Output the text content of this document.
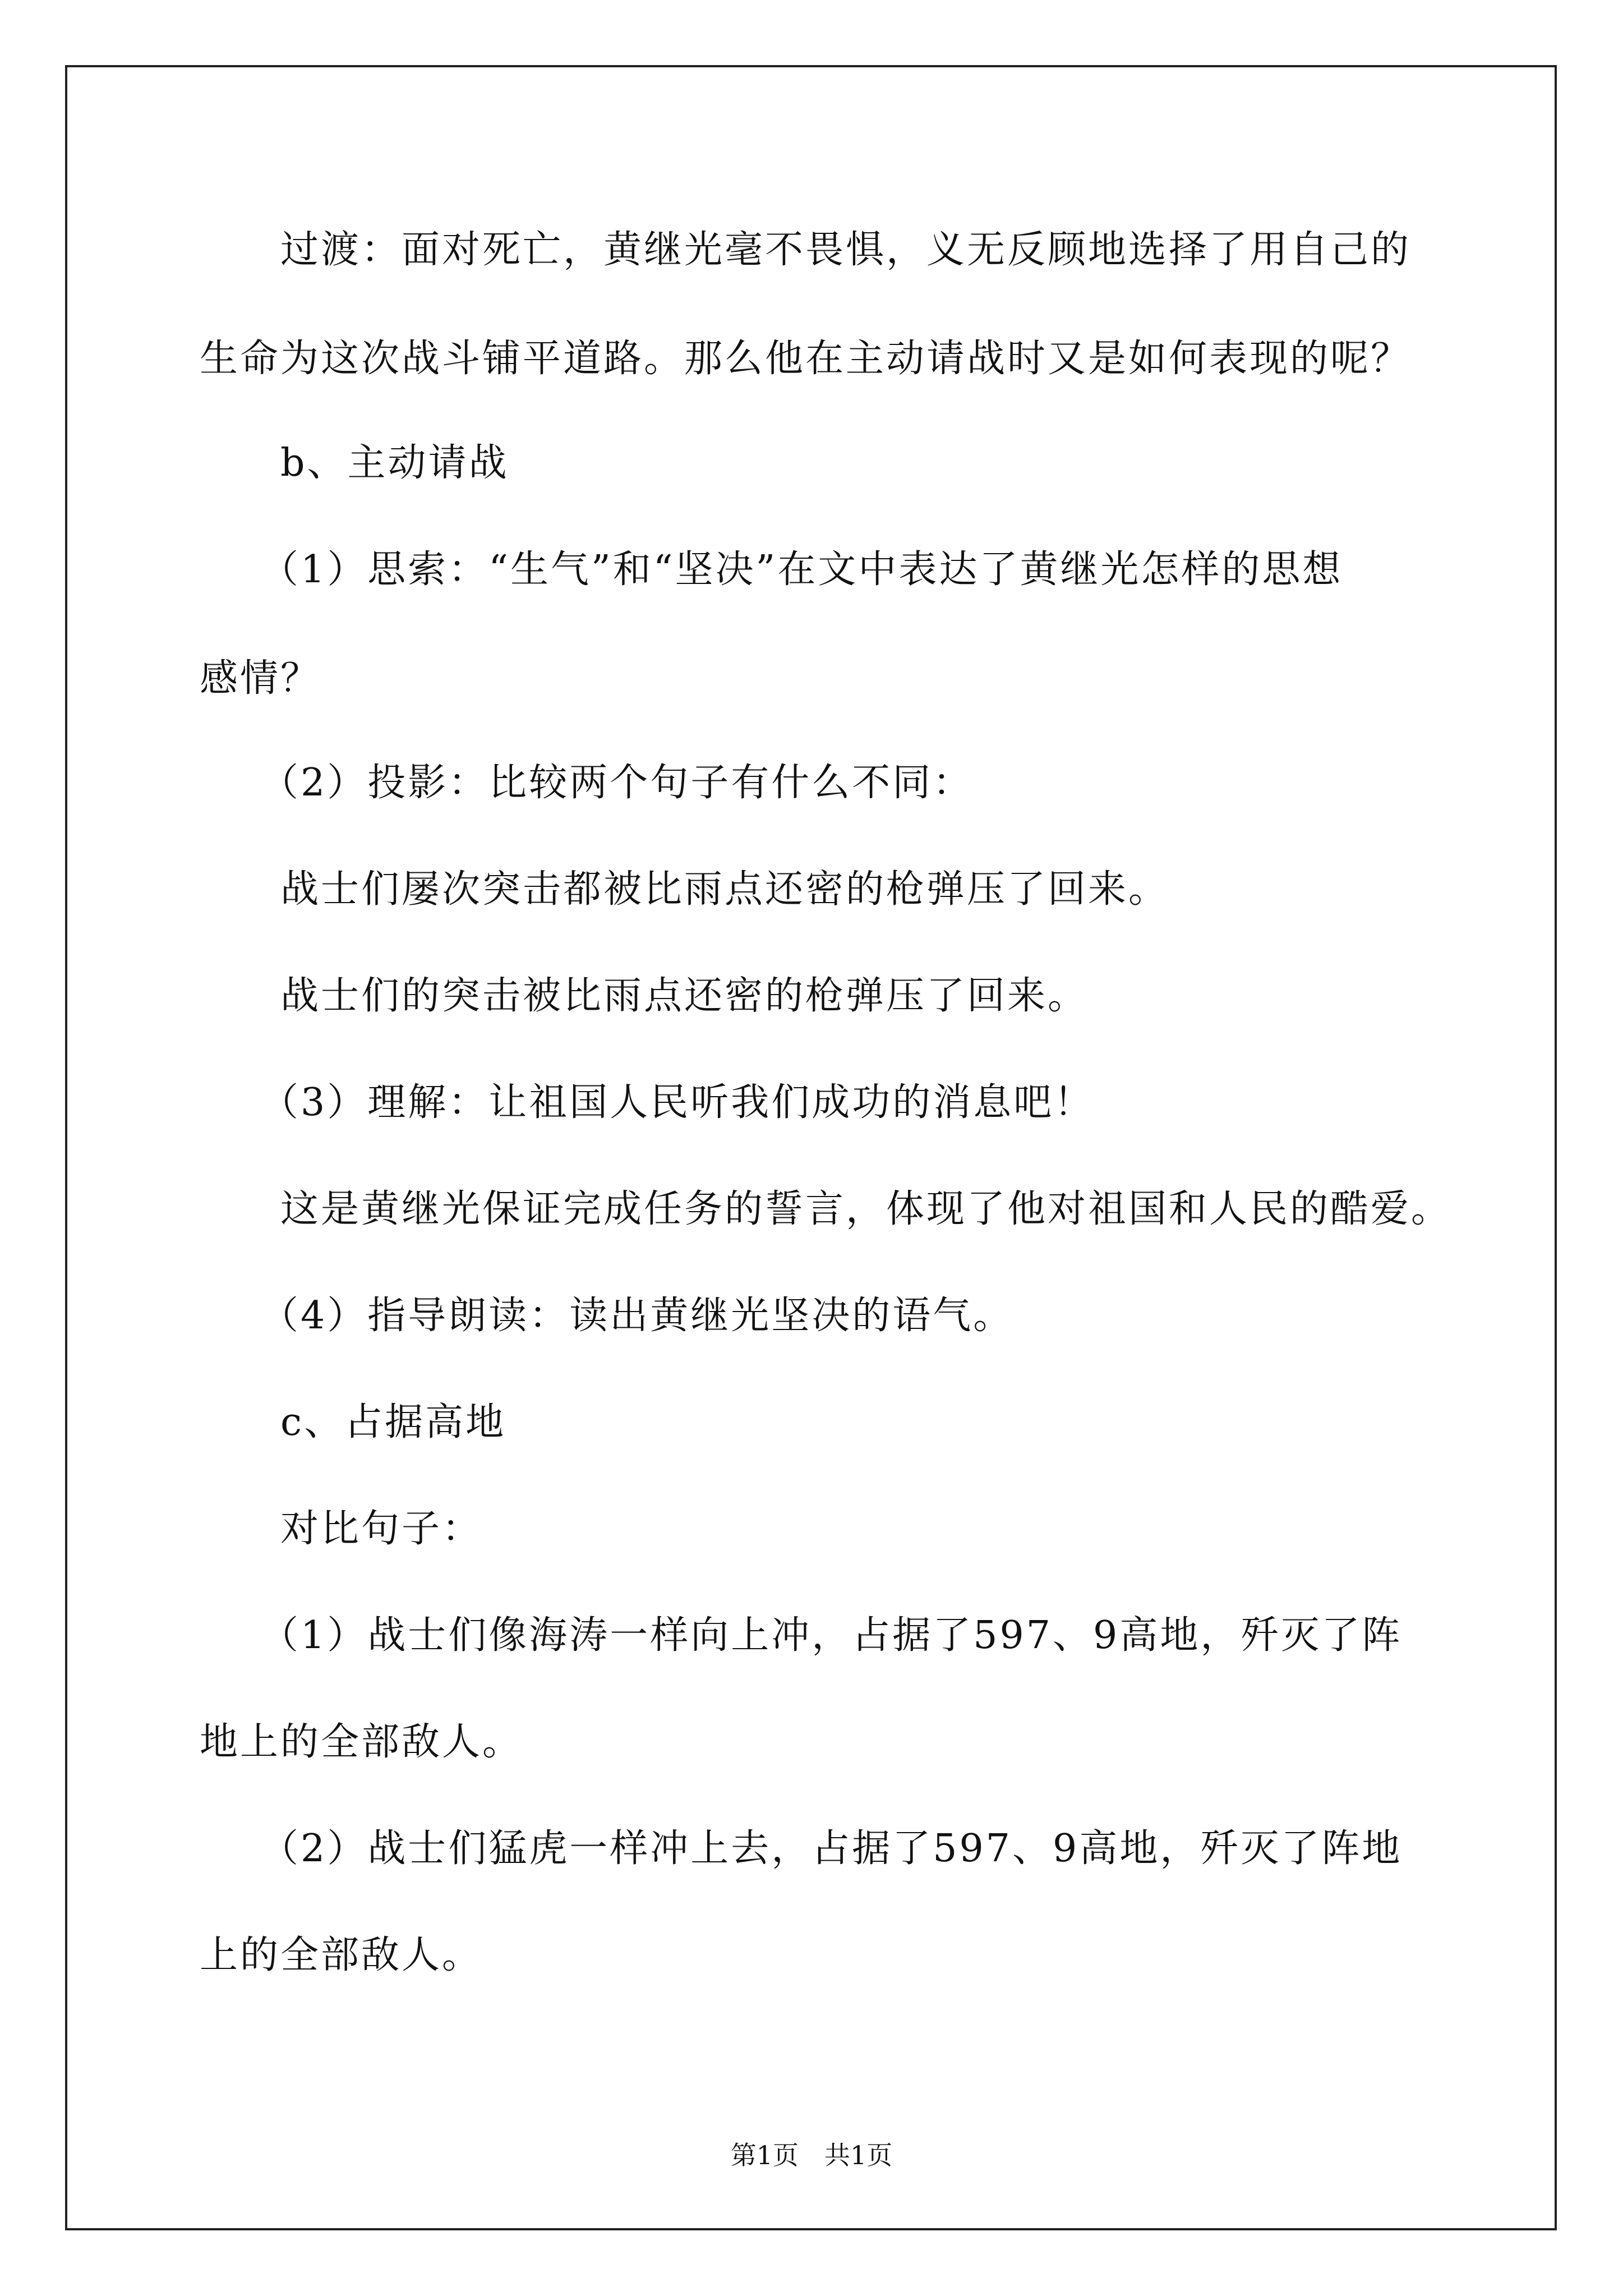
过渡：面对死亡，黄继光毫不畏惧，义无反顾地选择了用自己的
生命为这次战斗铺平道路。那么他在主动请战时又是如何表现的呢？
b、主动请战
（1）思索：“生气”和“坚决”在文中表达了黄继光怎样的思想
感情？
（2）投影：比较两个句子有什么不同：
战士们屡次突击都被比雨点还密的枪弹压了回来。
战士们的突击被比雨点还密的枪弹压了回来。
（3）理解：让祖国人民听我们成功的消息吧！
这是黄继光保证完成任务的誓言，体现了他对祖国和人民的酷爱。
（4）指导朗读：读出黄继光坚决的语气。
c、占据高地
对比句子：
（1）战士们像海涛一样向上冲，占据了597、9高地，歼灭了阵
地上的全部敌人。
（2）战士们猛虎一样冲上去，占据了597、9高地，歼灭了阵地
上的全部敌人。
第1页　共1页
